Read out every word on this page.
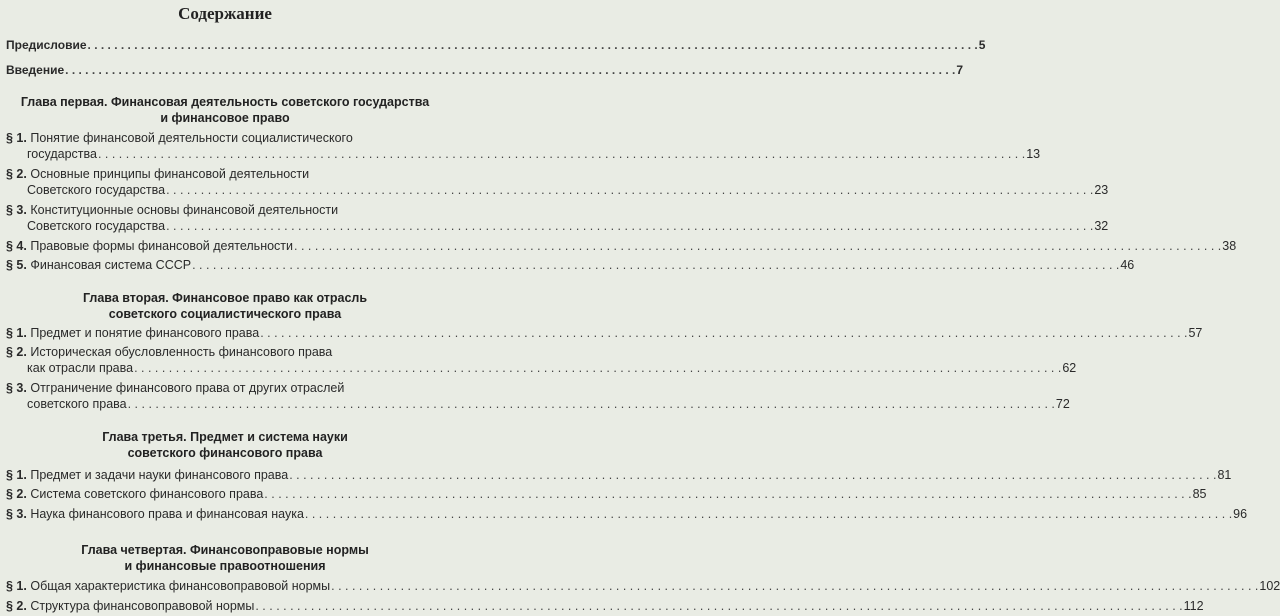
Содержание
Предисловие . . .	5
Введение . . .	7
Глава первая. Финансовая деятельность советского государства
и финансовое право
§ 1. Понятие финансовой деятельности социалистического
государства . . .	13
§ 2. Основные принципы финансовой деятельности
Советского государства . . .	23
§ 3. Конституционные основы финансовой деятельности
Советского государства . . .	32
§ 4. Правовые формы финансовой деятельности . . .	38
§ 5. Финансовая система СССР . . .	46
Глава вторая. Финансовое право как отрасль
советского социалистического права
§ 1. Предмет и понятие финансового права . . .	57
§ 2. Историческая обусловленность финансового права
как отрасли права . . .	62
§ 3. Отграничение финансового права от других отраслей
советского права . . .	72
Глава третья. Предмет и система науки
советского финансового права
§ 1. Предмет и задачи науки финансового права . . .	81
§ 2. Система советского финансового права . . .	85
§ 3. Наука финансового права и финансовая наука . . .	96
Глава четвертая. Финансовоправовые нормы
и финансовые правоотношения
§ 1. Общая характеристика финансовоправовой нормы . . .	102
§ 2. Структура финансовоправовой нормы . . .	112
